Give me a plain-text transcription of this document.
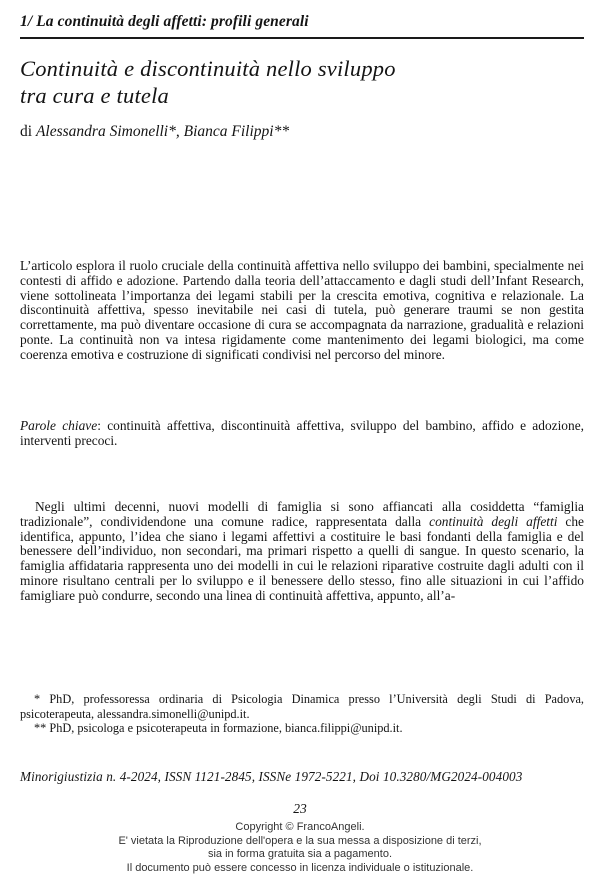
1/ La continuità degli affetti: profili generali
Continuità e discontinuità nello sviluppo
tra cura e tutela

di Alessandra Simonelli*, Bianca Filippi**

L’articolo esplora il ruolo cruciale della continuità affettiva nello sviluppo dei bambini, specialmente nei contesti di affido e adozione. Partendo dalla teoria dell’attaccamento e dagli studi dell’Infant Research, viene sottolineata l’importanza dei legami stabili per la crescita emotiva, cognitiva e relazionale. La discontinuità affettiva, spesso inevitabile nei casi di tutela, può generare traumi se non gestita correttamente, ma può diventare occasione di cura se accompagnata da narrazione, gradualità e relazioni ponte. La continuità non va intesa rigidamente come mantenimento dei legami biologici, ma come coerenza emotiva e costruzione di significati condivisi nel percorso del minore.

Parole chiave: continuità affettiva, discontinuità affettiva, sviluppo del bambino, affido e adozione, interventi precoci.

Negli ultimi decenni, nuovi modelli di famiglia si sono affiancati alla cosiddetta “famiglia tradizionale”, condividendone una comune radice, rappresentata dalla continuità degli affetti che identifica, appunto, l’idea che siano i legami affettivi a costituire le basi fondanti della famiglia e del benessere dell’individuo, non secondari, ma primari rispetto a quelli di sangue. In questo scenario, la famiglia affidataria rappresenta uno dei modelli in cui le relazioni riparative costruite dagli adulti con il minore risultano centrali per lo sviluppo e il benessere dello stesso, fino alle situazioni in cui l’affido famigliare può condurre, secondo una linea di continuità affettiva, appunto, all’a-

* PhD, professoressa ordinaria di Psicologia Dinamica presso l’Università degli Studi di Padova, psicoterapeuta, alessandra.simonelli@unipd.it.

** PhD, psicologa e psicoterapeuta in formazione, bianca.filippi@unipd.it.

Minorigiustizia n. 4-2024, ISSN 1121-2845, ISSNe 1972-5221, Doi 10.3280/MG2024-004003

23
Copyright © FrancoAngeli.
E' vietata la Riproduzione dell'opera e la sua messa a disposizione di terzi,
sia in forma gratuita sia a pagamento.
Il documento può essere concesso in licenza individuale o istituzionale.
